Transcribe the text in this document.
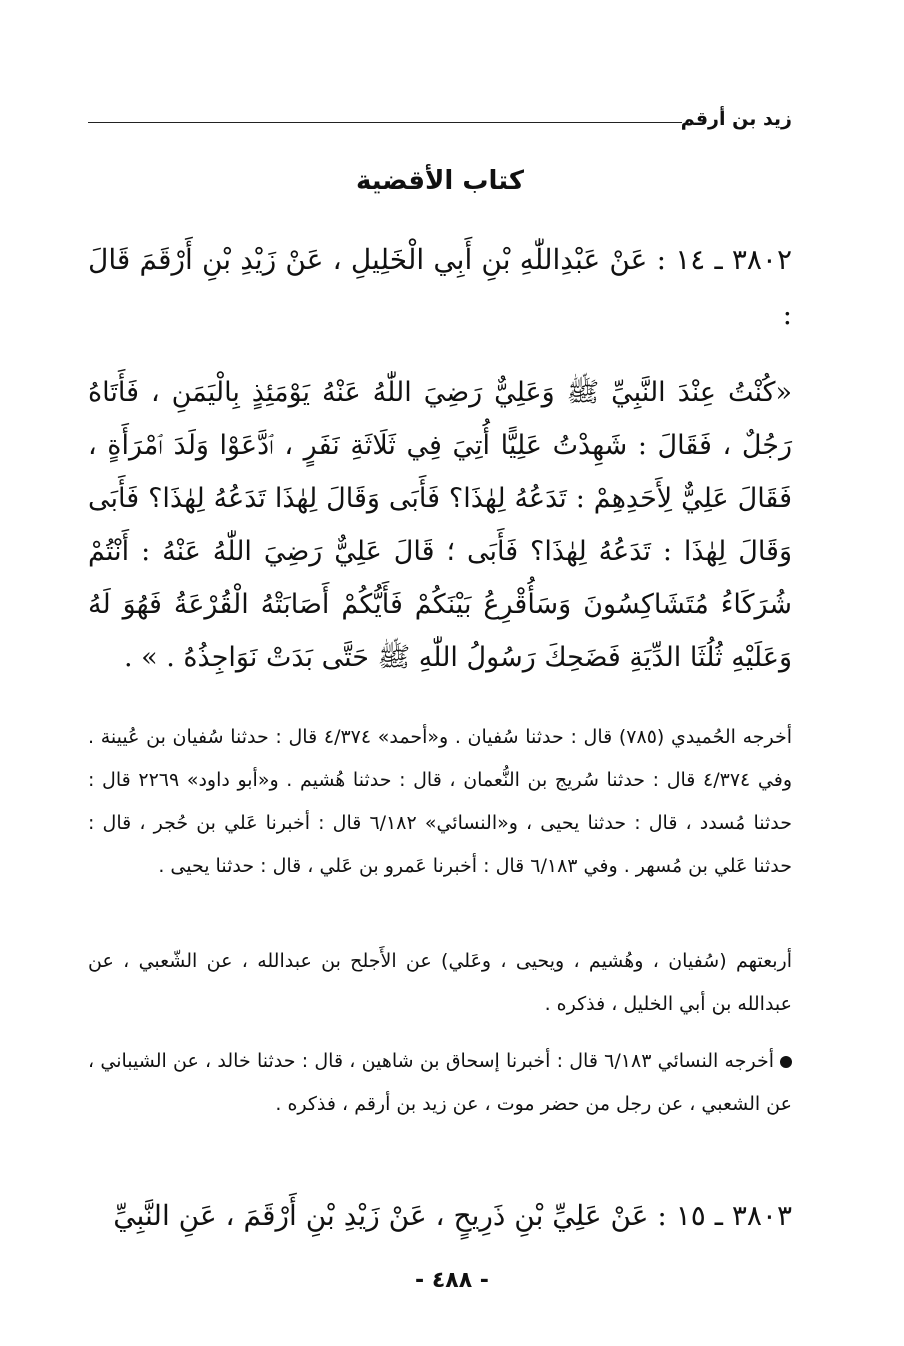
زيد بن أرقم
كتاب الأقضية
٣٨٠٢ ـ ١٤ : عَنْ عَبْدِاللّٰهِ بْنِ أَبِي الْخَلِيلِ ، عَنْ زَيْدِ بْنِ أَرْقَمَ قَالَ :
«كُنْتُ عِنْدَ النَّبِيِّ ﷺ وَعَلِيٌّ رَضِيَ اللّٰهُ عَنْهُ يَوْمَئِذٍ بِالْيَمَنِ ، فَأَتَاهُ رَجُلٌ ، فَقَالَ : شَهِدْتُ عَلِيًّا أُتِيَ فِي ثَلَاثَةِ نَفَرٍ ، ٱدَّعَوْا وَلَدَ ٱمْرَأَةٍ ، فَقَالَ عَلِيٌّ لِأَحَدِهِمْ : تَدَعُهُ لِهٰذَا؟ فَأَبَى وَقَالَ لِهٰذَا تَدَعُهُ لِهٰذَا؟ فَأَبَى وَقَالَ لِهٰذَا : تَدَعُهُ لِهٰذَا؟ فَأَبَى ؛ قَالَ عَلِيٌّ رَضِيَ اللّٰهُ عَنْهُ : أَنْتُمْ شُرَكَاءُ مُتَشَاكِسُونَ وَسَأُقْرِعُ بَيْنَكُمْ فَأَيُّكُمْ أَصَابَتْهُ الْقُرْعَةُ فَهُوَ لَهُ وَعَلَيْهِ ثُلُثَا الدِّيَةِ فَضَحِكَ رَسُولُ اللّٰهِ ﷺ حَتَّى بَدَتْ نَوَاجِذُهُ . » .
أخرجه الحُميدي (٧٨٥) قال : حدثنا سُفيان . و«أحمد» ٤/٣٧٤ قال : حدثنا سُفيان بن عُيينة . وفي ٤/٣٧٤ قال : حدثنا سُريج بن النُّعمان ، قال : حدثنا هُشيم . و«أبو داود» ٢٢٦٩ قال : حدثنا مُسدد ، قال : حدثنا يحيى ، و«النسائي» ٦/١٨٢ قال : أخبرنا عَلي بن حُجر ، قال : حدثنا عَلي بن مُسهر . وفي ٦/١٨٣ قال : أخبرنا عَمرو بن عَلي ، قال : حدثنا يحيى .
أربعتهم (سُفيان ، وهُشيم ، ويحيى ، وعَلي) عن الأَجلح بن عبدالله ، عن الشّعبي ، عن عبدالله بن أبي الخليل ، فذكره .
أخرجه النسائي ٦/١٨٣ قال : أخبرنا إسحاق بن شاهين ، قال : حدثنا خالد ، عن الشيباني ، عن الشعبي ، عن رجل من حضر موت ، عن زيد بن أرقم ، فذكره .
٣٨٠٣ ـ ١٥ : عَنْ عَلِيِّ بْنِ ذَرِيحٍ ، عَنْ زَيْدِ بْنِ أَرْقَمَ ، عَنِ النَّبِيِّ
- ٤٨٨ -
